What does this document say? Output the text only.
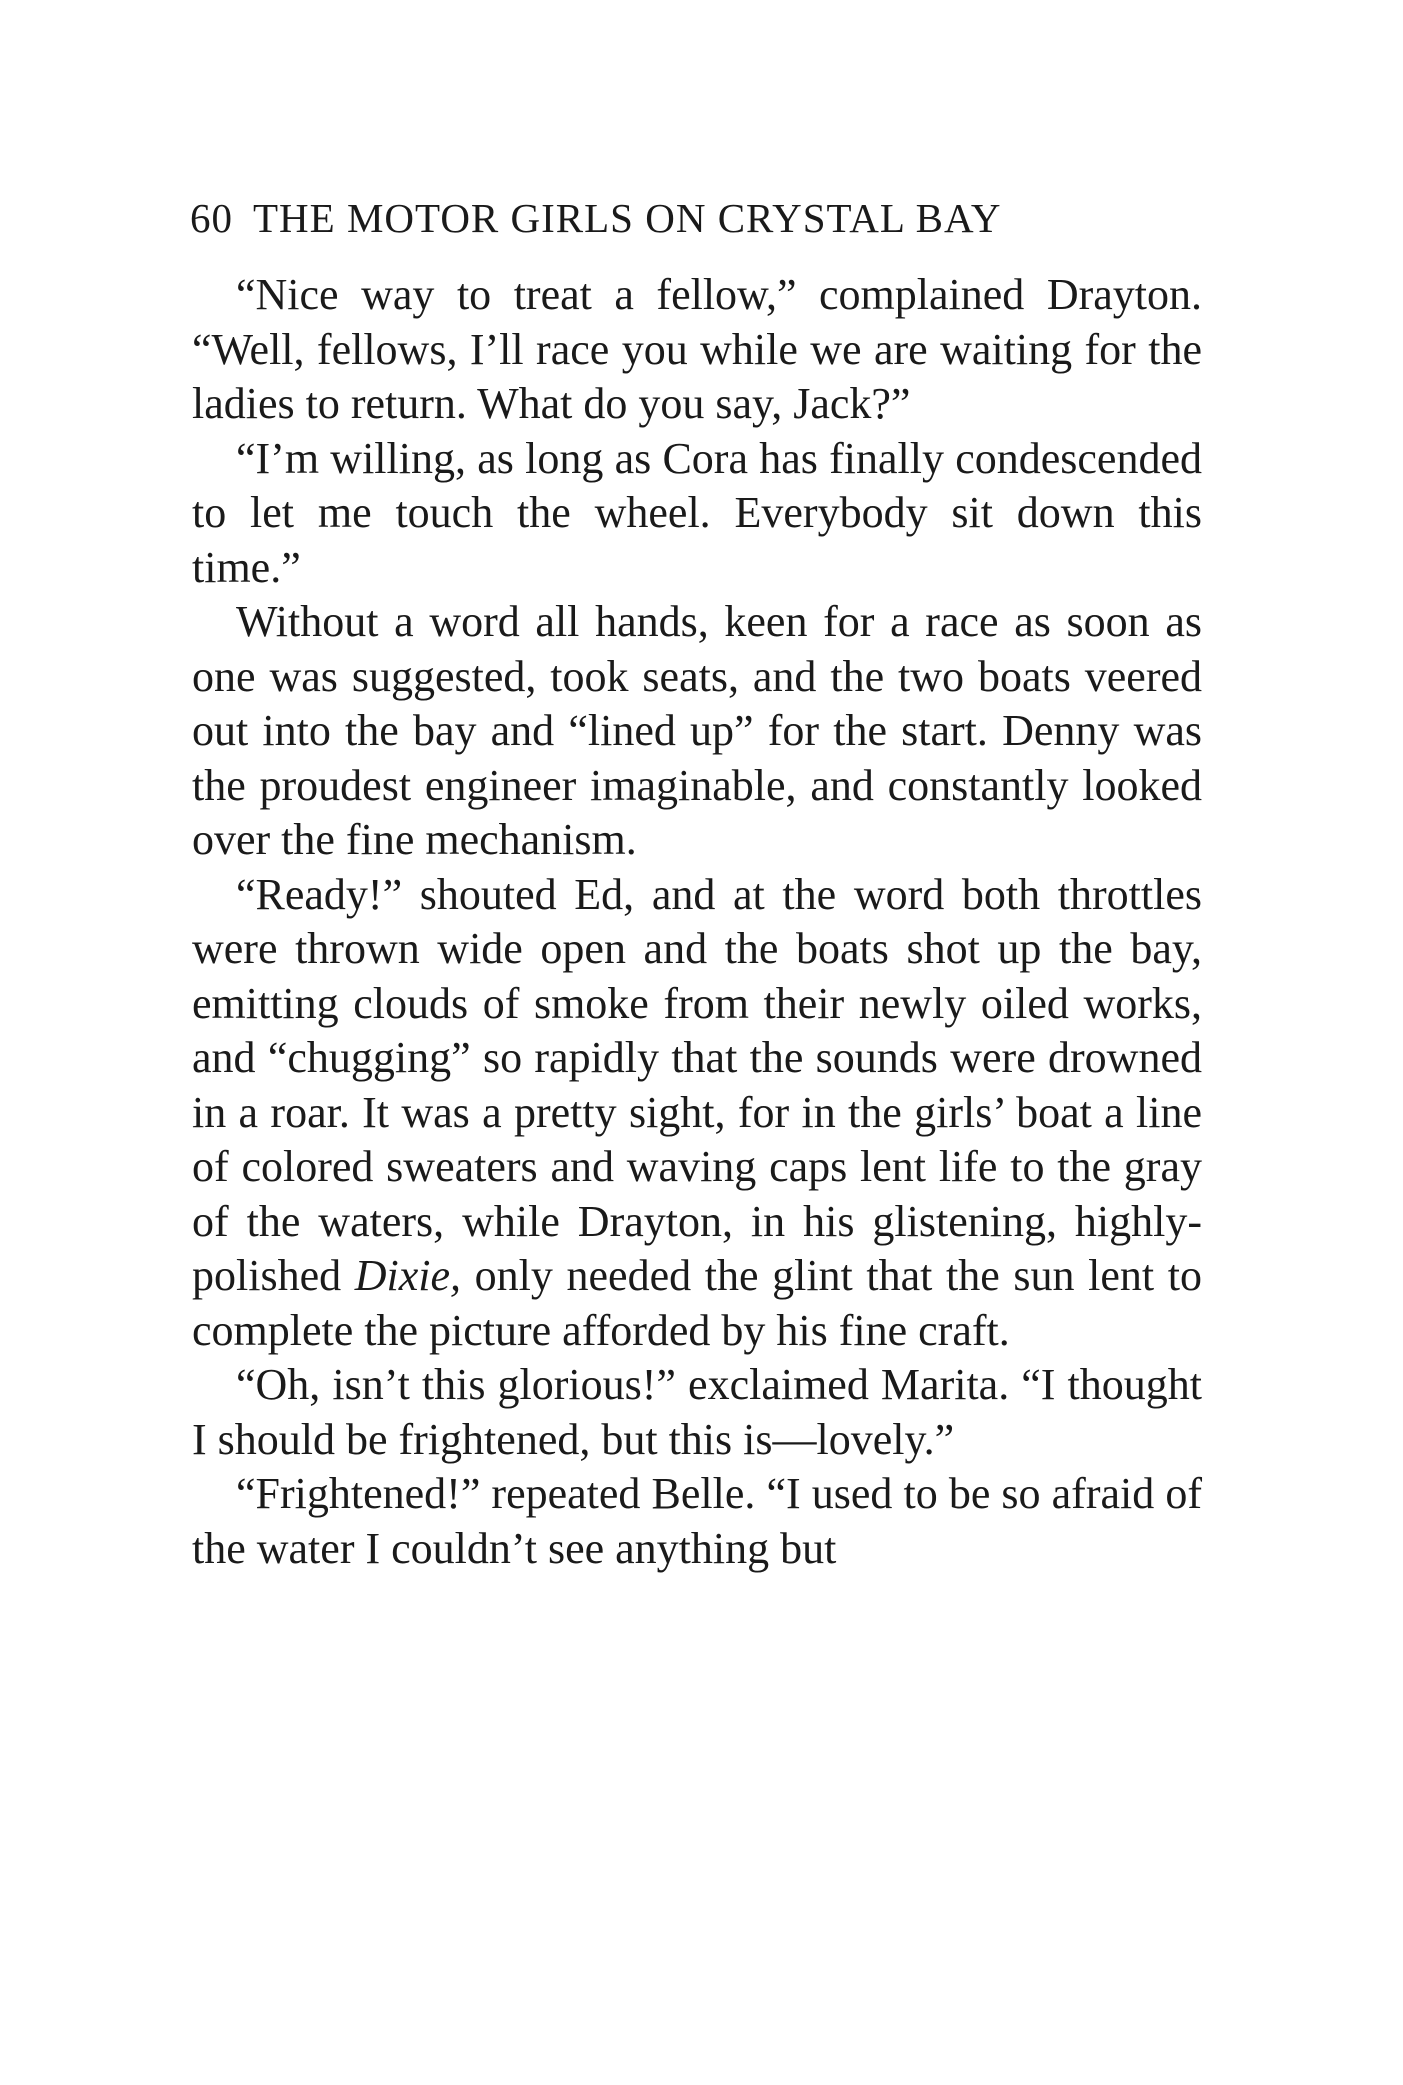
60 THE MOTOR GIRLS ON CRYSTAL BAY

“Nice way to treat a fellow,” complained Drayton. “Well, fellows, I’ll race you while we are waiting for the ladies to return. What do you say, Jack?”

“I’m willing, as long as Cora has finally condescended to let me touch the wheel. Everybody sit down this time.”

Without a word all hands, keen for a race as soon as one was suggested, took seats, and the two boats veered out into the bay and “lined up” for the start. Denny was the proudest engineer imaginable, and constantly looked over the fine mechanism.

“Ready!” shouted Ed, and at the word both throttles were thrown wide open and the boats shot up the bay, emitting clouds of smoke from their newly oiled works, and “chugging” so rapidly that the sounds were drowned in a roar. It was a pretty sight, for in the girls’ boat a line of colored sweaters and waving caps lent life to the gray of the waters, while Drayton, in his glistening, highly-polished Dixie, only needed the glint that the sun lent to complete the picture afforded by his fine craft.

“Oh, isn’t this glorious!” exclaimed Marita. “I thought I should be frightened, but this is—lovely.”

“Frightened!” repeated Belle. “I used to be so afraid of the water I couldn’t see anything but
